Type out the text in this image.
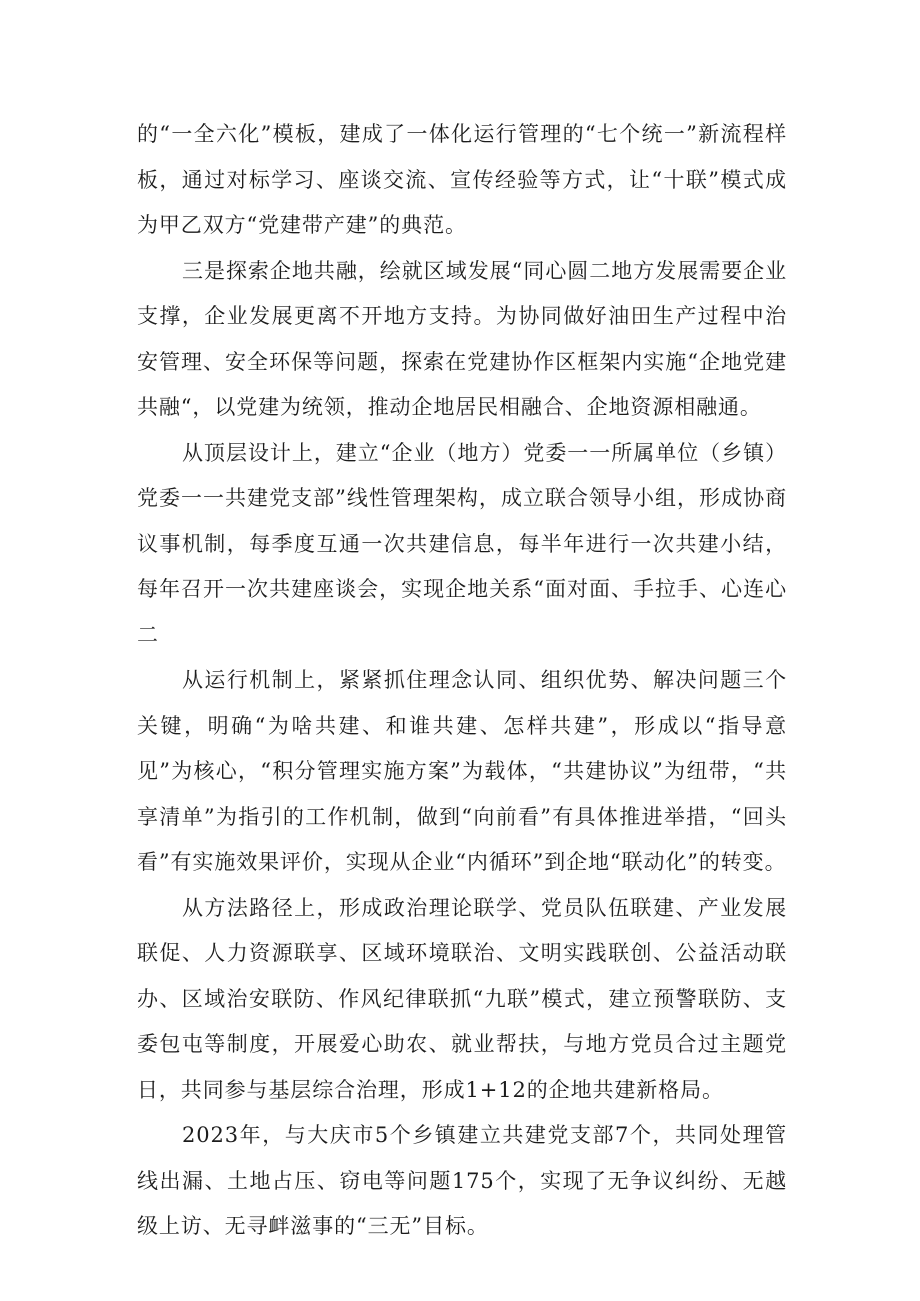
的“一全六化”模板，建成了一体化运行管理的“七个统一”新流程样板，通过对标学习、座谈交流、宣传经验等方式，让“十联”模式成为甲乙双方“党建带产建”的典范。

三是探索企地共融，绘就区域发展“同心圆二地方发展需要企业支撑，企业发展更离不开地方支持。为协同做好油田生产过程中治安管理、安全环保等问题，探索在党建协作区框架内实施“企地党建共融“，以党建为统领，推动企地居民相融合、企地资源相融通。

从顶层设计上，建立“企业（地方）党委一一所属单位（乡镇）党委一一共建党支部”线性管理架构，成立联合领导小组，形成协商议事机制，每季度互通一次共建信息，每半年进行一次共建小结，每年召开一次共建座谈会，实现企地关系“面对面、手拉手、心连心二

从运行机制上，紧紧抓住理念认同、组织优势、解决问题三个关键，明确“为啥共建、和谁共建、怎样共建”，形成以“指导意见”为核心，“积分管理实施方案”为载体，“共建协议”为纽带，“共享清单”为指引的工作机制，做到“向前看”有具体推进举措，“回头看”有实施效果评价，实现从企业“内循环”到企地“联动化”的转变。

从方法路径上，形成政治理论联学、党员队伍联建、产业发展联促、人力资源联享、区域环境联治、文明实践联创、公益活动联办、区域治安联防、作风纪律联抓“九联”模式，建立预警联防、支委包屯等制度，开展爱心助农、就业帮扶，与地方党员合过主题党日，共同参与基层综合治理，形成1+12的企地共建新格局。

2023年，与大庆市5个乡镇建立共建党支部7个，共同处理管线出漏、土地占压、窃电等问题175个，实现了无争议纠纷、无越级上访、无寻衅滋事的“三无”目标。
